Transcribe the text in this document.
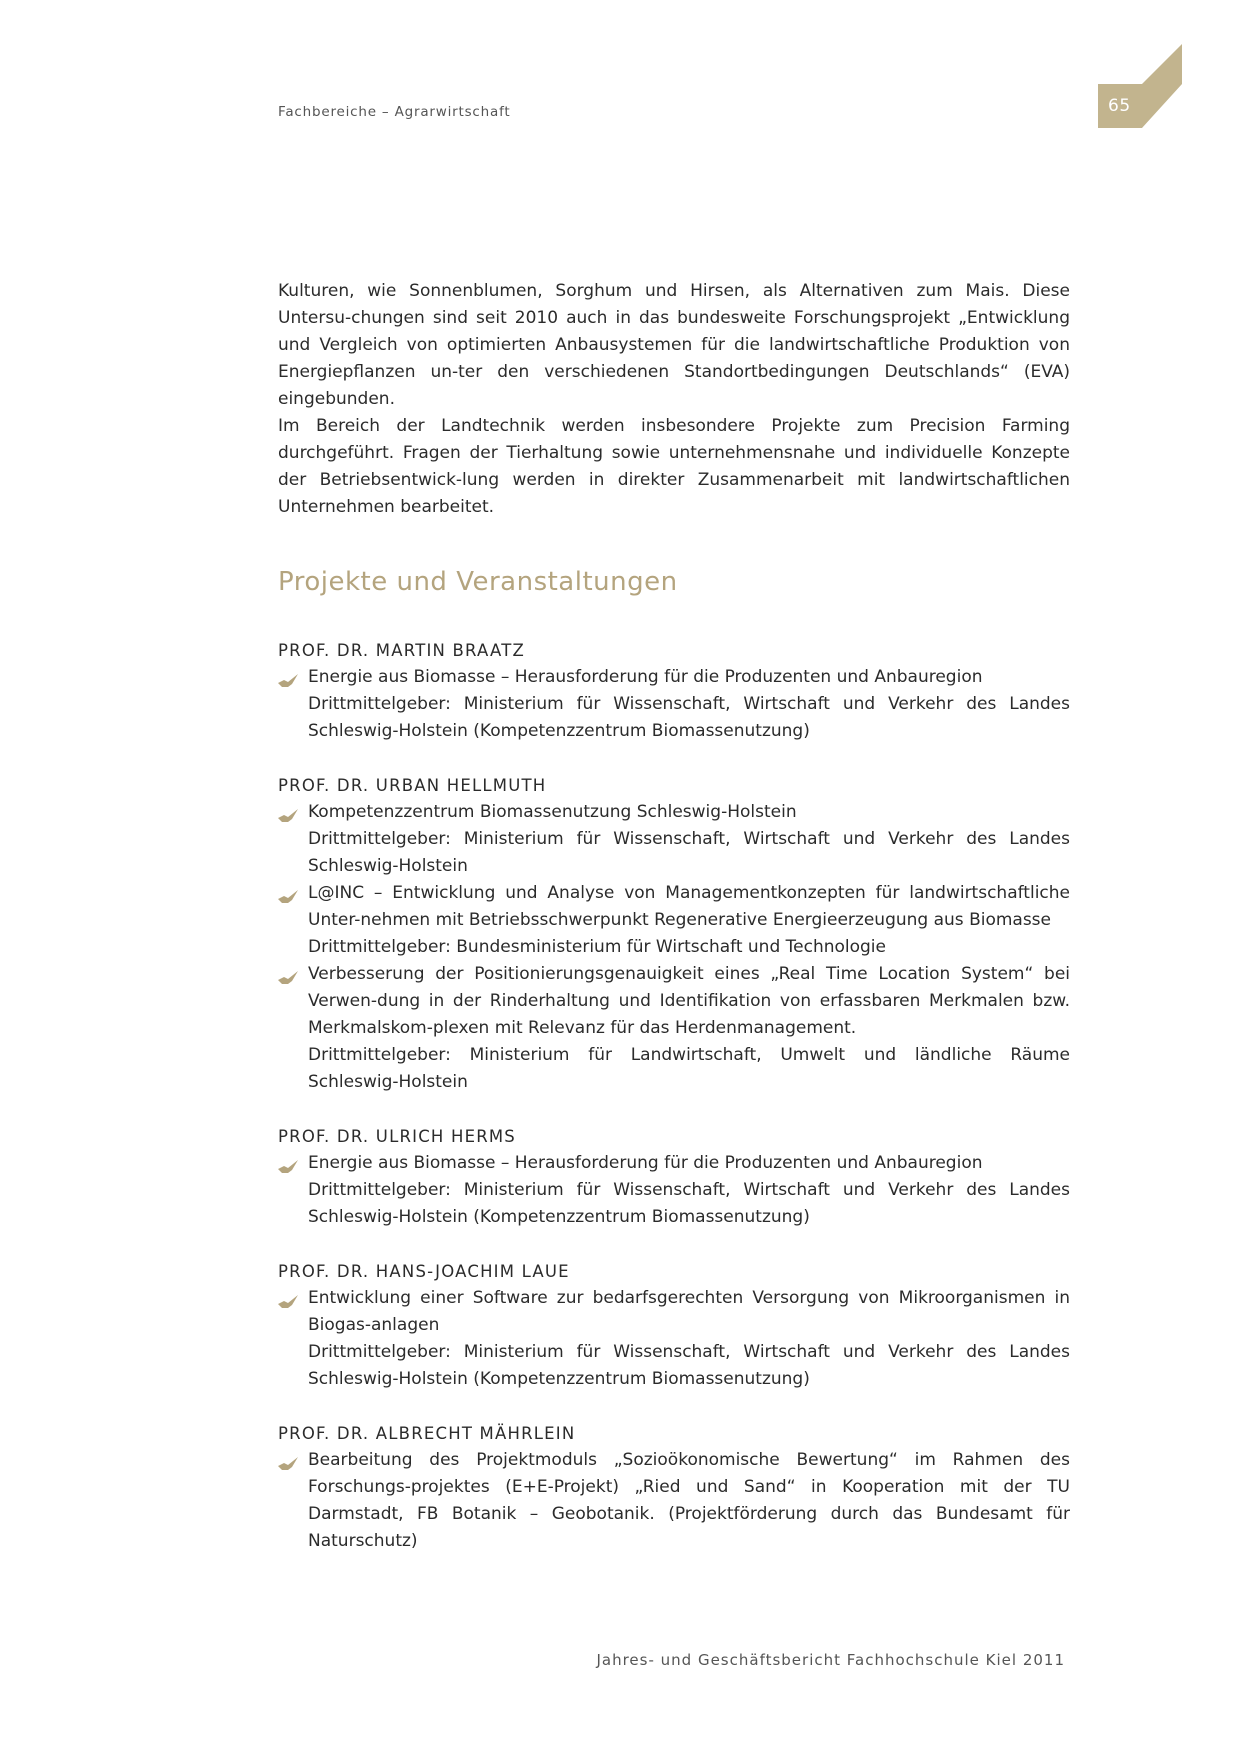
Fachbereiche – Agrarwirtschaft	65

Kulturen, wie Sonnenblumen, Sorghum und Hirsen, als Alternativen zum Mais. Diese Untersu-chungen sind seit 2010 auch in das bundesweite Forschungsprojekt „Entwicklung und Vergleich von optimierten Anbausystemen für die landwirtschaftliche Produktion von Energiepflanzen un-ter den verschiedenen Standortbedingungen Deutschlands“ (EVA) eingebunden.

Im Bereich der Landtechnik werden insbesondere Projekte zum Precision Farming durchgeführt. Fragen der Tierhaltung sowie unternehmensnahe und individuelle Konzepte der Betriebsentwick-lung werden in direkter Zusammenarbeit mit landwirtschaftlichen Unternehmen bearbeitet.

Projekte und Veranstaltungen
PROF. DR. MARTIN BRAATZ
Energie aus Biomasse – Herausforderung für die Produzenten und Anbauregion
Drittmittelgeber: Ministerium für Wissenschaft, Wirtschaft und Verkehr des Landes Schleswig-Holstein (Kompetenzzentrum Biomassenutzung)
PROF. DR. URBAN HELLMUTH
Kompetenzzentrum Biomassenutzung Schleswig-Holstein
Drittmittelgeber: Ministerium für Wissenschaft, Wirtschaft und Verkehr des Landes Schleswig-Holstein
L@INC – Entwicklung und Analyse von Managementkonzepten für landwirtschaftliche Unter-nehmen mit Betriebsschwerpunkt Regenerative Energieerzeugung aus Biomasse
Drittmittelgeber: Bundesministerium für Wirtschaft und Technologie
Verbesserung der Positionierungsgenauigkeit eines „Real Time Location System“ bei Verwen-dung in der Rinderhaltung und Identifikation von erfassbaren Merkmalen bzw. Merkmalskom-plexen mit Relevanz für das Herdenmanagement.
Drittmittelgeber: Ministerium für Landwirtschaft, Umwelt und ländliche Räume Schleswig-Holstein
PROF. DR. ULRICH HERMS
Energie aus Biomasse – Herausforderung für die Produzenten und Anbauregion
Drittmittelgeber: Ministerium für Wissenschaft, Wirtschaft und Verkehr des Landes Schleswig-Holstein (Kompetenzzentrum Biomassenutzung)
PROF. DR. HANS-JOACHIM LAUE
Entwicklung einer Software zur bedarfsgerechten Versorgung von Mikroorganismen in Biogas-anlagen
Drittmittelgeber: Ministerium für Wissenschaft, Wirtschaft und Verkehr des Landes Schleswig-Holstein (Kompetenzzentrum Biomassenutzung)
PROF. DR. ALBRECHT MÄHRLEIN
Bearbeitung des Projektmoduls „Sozioökonomische Bewertung“ im Rahmen des Forschungs-projektes (E+E-Projekt) „Ried und Sand“ in Kooperation mit der TU Darmstadt, FB Botanik – Geobotanik. (Projektförderung durch das Bundesamt für Naturschutz)
Jahres- und Geschäftsbericht Fachhochschule Kiel 2011
